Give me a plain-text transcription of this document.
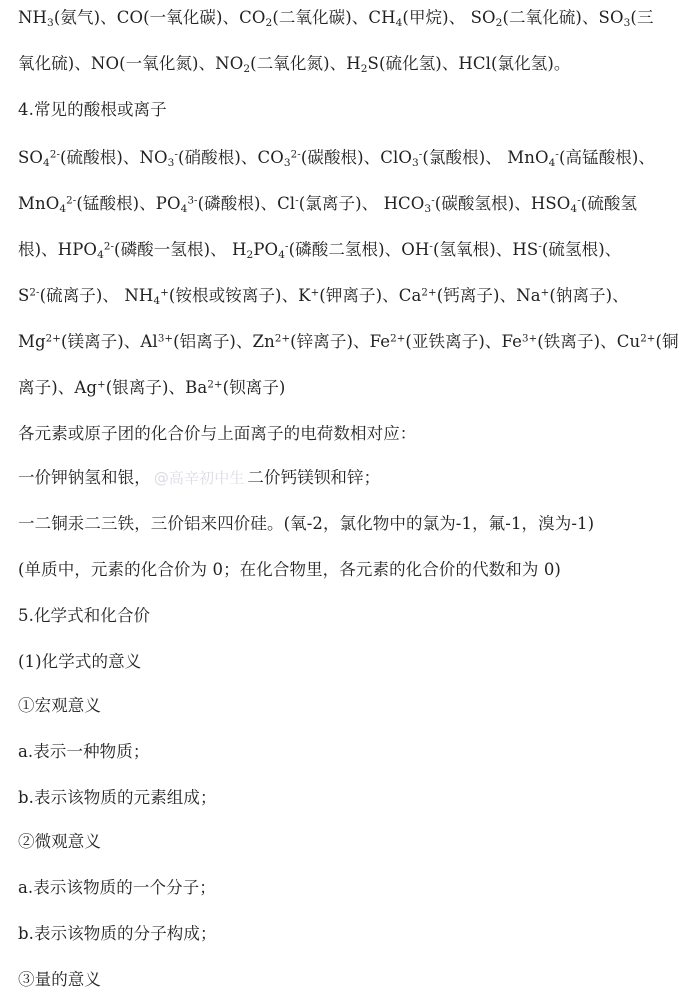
$NH_3$(氨气)、CO(一氧化碳)、$CO_2$(二氧化碳)、$CH_4$(甲烷)、 $SO_2$(二氧化硫)、$SO_3$(三
氧化硫)、NO(一氧化氮)、$NO_2$(二氧化氮)、$H_2S$(硫化氢)、HCl(氯化氢)。
4.常见的酸根或离子
$SO_4^{2-}$(硫酸根)、$NO_3^-$(硝酸根)、$CO_3^{2-}$(碳酸根)、ClO$_3$-(氯酸根)、 MnO$_4$-(高锰酸根)、
MnO$_4^{2-}$(锰酸根)、$PO_4^{3-}$(磷酸根)、Cl-(氯离子)、 $HCO_3^-$(碳酸氢根)、$HSO_4^-$(硫酸氢
根)、$HPO_4^{2-}$(磷酸一氢根)、 $H_2PO_4^-$(磷酸二氢根)、OH-(氢氧根)、HS-(硫氢根)、
$S^{2-}$(硫离子)、 $NH_4^+$(铵根或铵离子)、K+(钾离子)、$Ca^{2+}$(钙离子)、Na+(钠离子)、
$Mg^{2+}$(镁离子)、$Al^{3+}$(铝离子)、$Zn^{2+}$(锌离子)、$Fe^{2+}$(亚铁离子)、$Fe^{3+}$(铁离子)、$Cu^{2+}$(铜
离子)、Ag+(银离子)、$Ba^{2+}$(钡离子)
各元素或原子团的化合价与上面离子的电荷数相对应：
一价钾钠氢和银， @高辛初中生 二价钙镁钡和锌；
一二铜汞二三铁，三价铝来四价硅。(氧-2，氯化物中的氯为-1，氟-1，溴为-1)
(单质中，元素的化合价为 0；在化合物里，各元素的化合价的代数和为 0)
5.化学式和化合价
(1)化学式的意义
①宏观意义
a.表示一种物质；
b.表示该物质的元素组成；
②微观意义
a.表示该物质的一个分子；
b.表示该物质的分子构成；
③量的意义
